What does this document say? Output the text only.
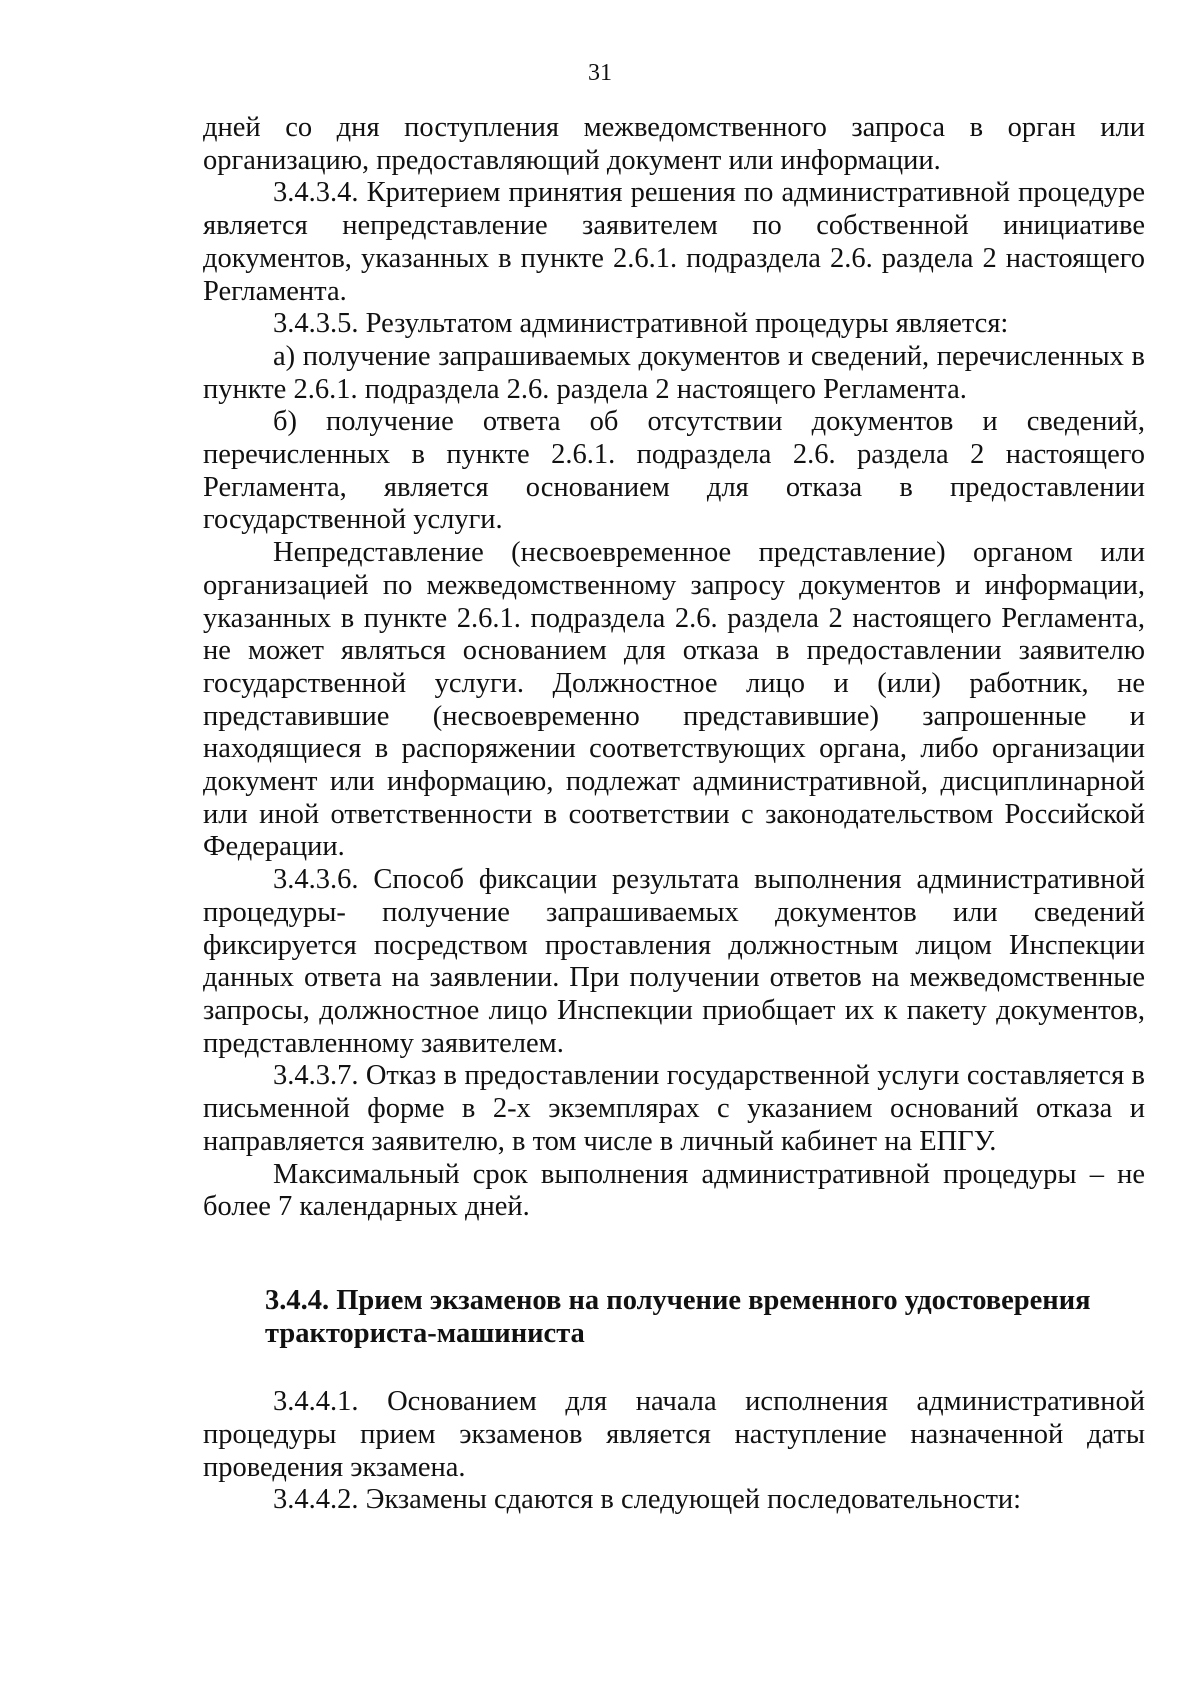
31

дней со дня поступления межведомственного запроса в орган или организацию, предоставляющий документ или информации.

3.4.3.4. Критерием принятия решения по административной процедуре является непредставление заявителем по собственной инициативе документов, указанных в пункте 2.6.1. подраздела 2.6. раздела 2 настоящего Регламента.

3.4.3.5. Результатом административной процедуры является:

а) получение запрашиваемых документов и сведений, перечисленных в пункте 2.6.1. подраздела 2.6. раздела 2 настоящего Регламента.

б) получение ответа об отсутствии документов и сведений, перечисленных в пункте 2.6.1. подраздела 2.6. раздела 2 настоящего Регламента, является основанием для отказа в предоставлении государственной услуги.

Непредставление (несвоевременное представление) органом или организацией по межведомственному запросу документов и информации, указанных в пункте 2.6.1. подраздела 2.6. раздела 2 настоящего Регламента, не может являться основанием для отказа в предоставлении заявителю государственной услуги. Должностное лицо и (или) работник, не представившие (несвоевременно представившие) запрошенные и находящиеся в распоряжении соответствующих органа, либо организации документ или информацию, подлежат административной, дисциплинарной или иной ответственности в соответствии с законодательством Российской Федерации.

3.4.3.6. Способ фиксации результата выполнения административной процедуры- получение запрашиваемых документов или сведений фиксируется посредством проставления должностным лицом Инспекции данных ответа на заявлении. При получении ответов на межведомственные запросы, должностное лицо Инспекции приобщает их к пакету документов, представленному заявителем.

3.4.3.7. Отказ в предоставлении государственной услуги составляется в письменной форме в 2-х экземплярах с указанием оснований отказа и направляется заявителю, в том числе в личный кабинет на ЕПГУ.

Максимальный срок выполнения административной процедуры – не более 7 календарных дней.

3.4.4. Прием экзаменов на получение временного удостоверения

тракториста-машиниста

3.4.4.1. Основанием для начала исполнения административной процедуры прием экзаменов является наступление назначенной даты проведения экзамена.

3.4.4.2. Экзамены сдаются в следующей последовательности:
